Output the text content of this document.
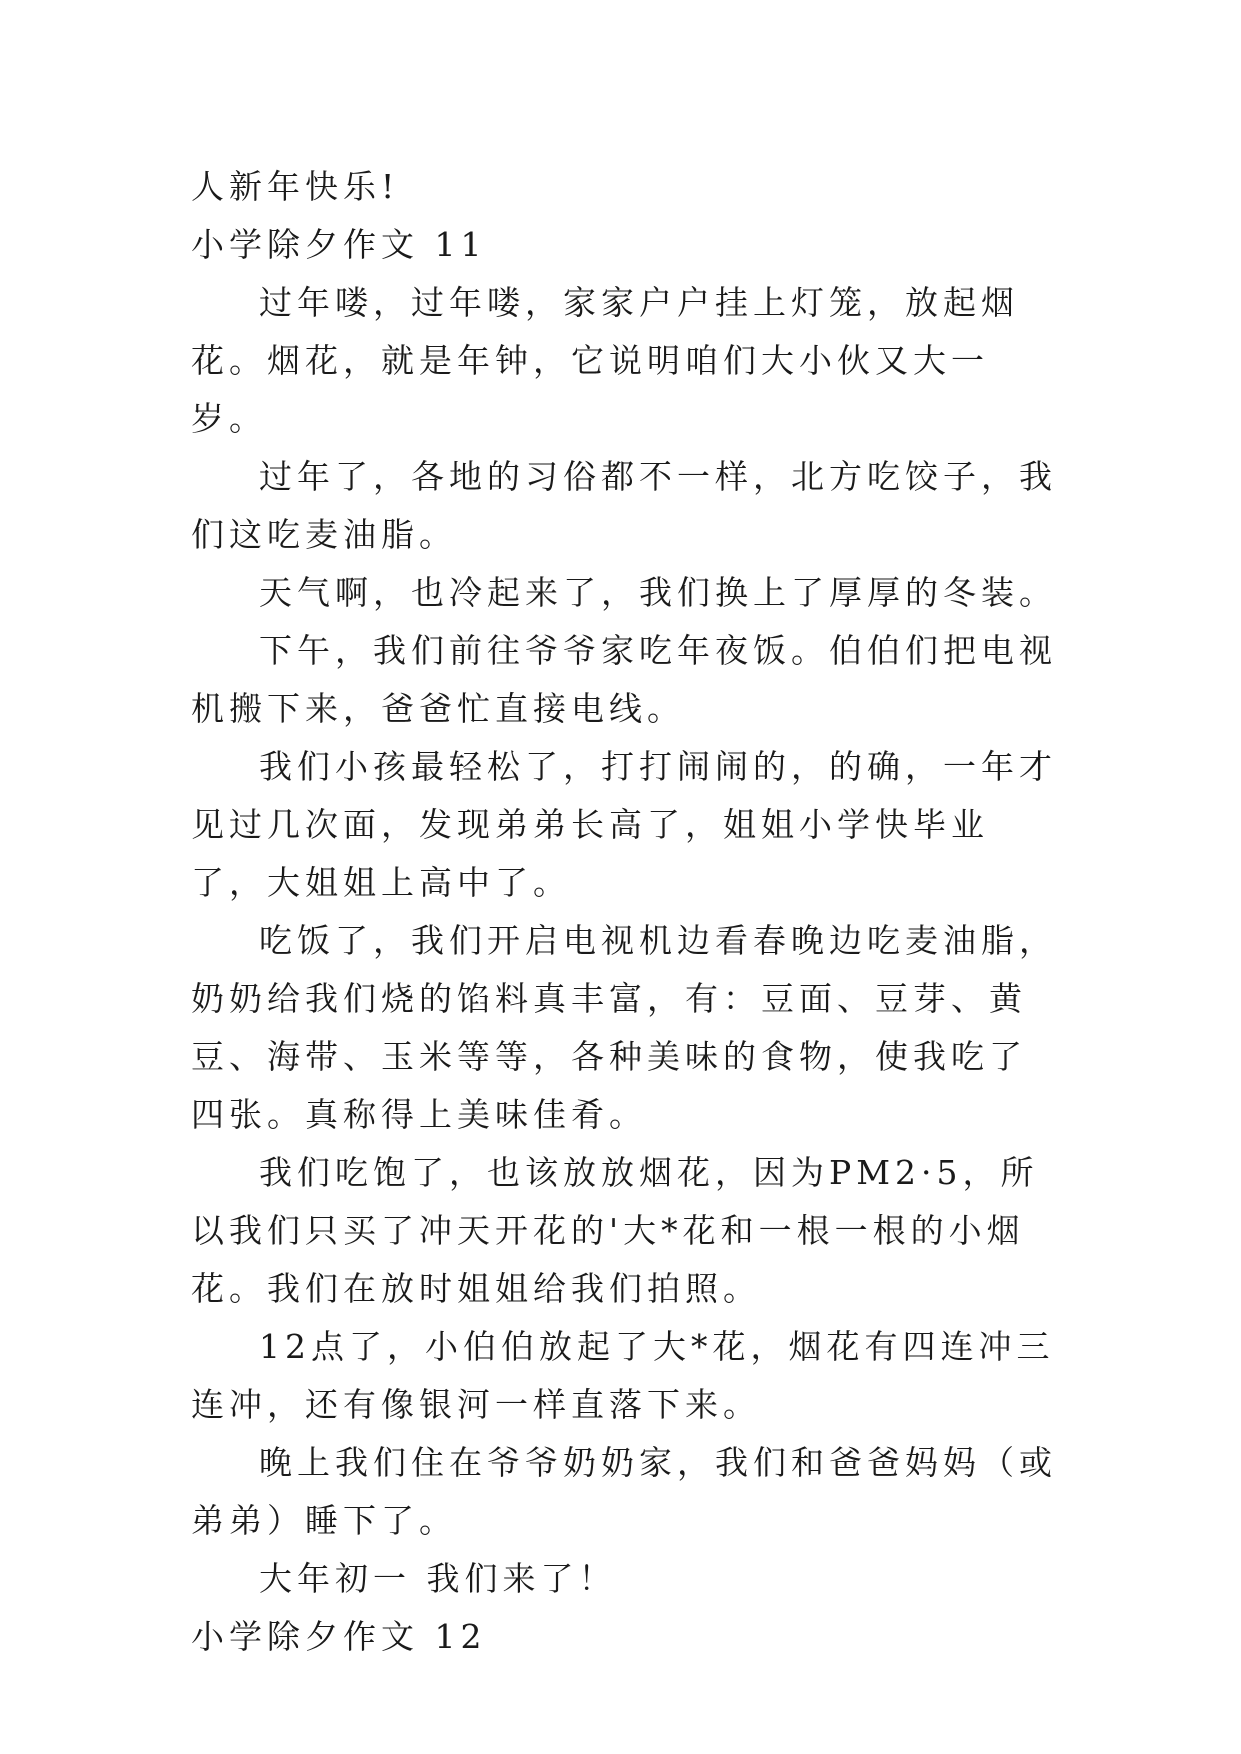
人新年快乐!

小学除夕作文 11

过年喽，过年喽，家家户户挂上灯笼，放起烟花。烟花，就是年钟，它说明咱们大小伙又大一岁。

过年了，各地的习俗都不一样，北方吃饺子，我们这吃麦油脂。

天气啊，也冷起来了，我们换上了厚厚的冬装。

下午，我们前往爷爷家吃年夜饭。伯伯们把电视机搬下来，爸爸忙直接电线。

我们小孩最轻松了，打打闹闹的，的确，一年才见过几次面，发现弟弟长高了，姐姐小学快毕业了，大姐姐上高中了。

吃饭了，我们开启电视机边看春晚边吃麦油脂，奶奶给我们烧的馅料真丰富，有：豆面、豆芽、黄豆、海带、玉米等等，各种美味的食物，使我吃了四张。真称得上美味佳肴。

我们吃饱了，也该放放烟花，因为PM2·5，所以我们只买了冲天开花的'大*花和一根一根的小烟花。我们在放时姐姐给我们拍照。

12点了，小伯伯放起了大*花，烟花有四连冲三连冲，还有像银河一样直落下来。

晚上我们住在爷爷奶奶家，我们和爸爸妈妈（或弟弟）睡下了。

大年初一 我们来了！

小学除夕作文 12
